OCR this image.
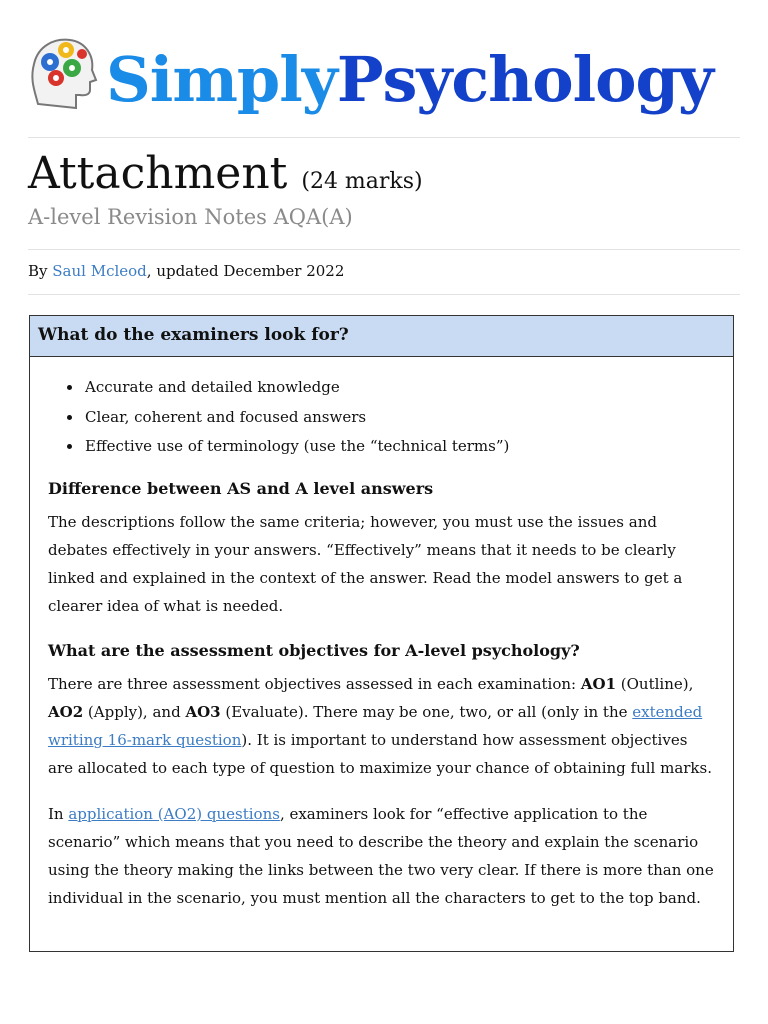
SimplyPsychology
Attachment (24 marks)
A-level Revision Notes AQA(A)
By Saul Mcleod, updated December 2022
What do the examiners look for?
• Accurate and detailed knowledge
• Clear, coherent and focused answers
• Effective use of terminology (use the “technical terms”)
Difference between AS and A level answers

The descriptions follow the same criteria; however, you must use the issues and debates effectively in your answers. “Effectively” means that it needs to be clearly linked and explained in the context of the answer. Read the model answers to get a clearer idea of what is needed.

What are the assessment objectives for A-level psychology?

There are three assessment objectives assessed in each examination: AO1 (Outline), AO2 (Apply), and AO3 (Evaluate). There may be one, two, or all (only in the extended writing 16-mark question). It is important to understand how assessment objectives are allocated to each type of question to maximize your chance of obtaining full marks.

In application (AO2) questions, examiners look for “effective application to the scenario” which means that you need to describe the theory and explain the scenario using the theory making the links between the two very clear. If there is more than one individual in the scenario, you must mention all the characters to get to the top band.
